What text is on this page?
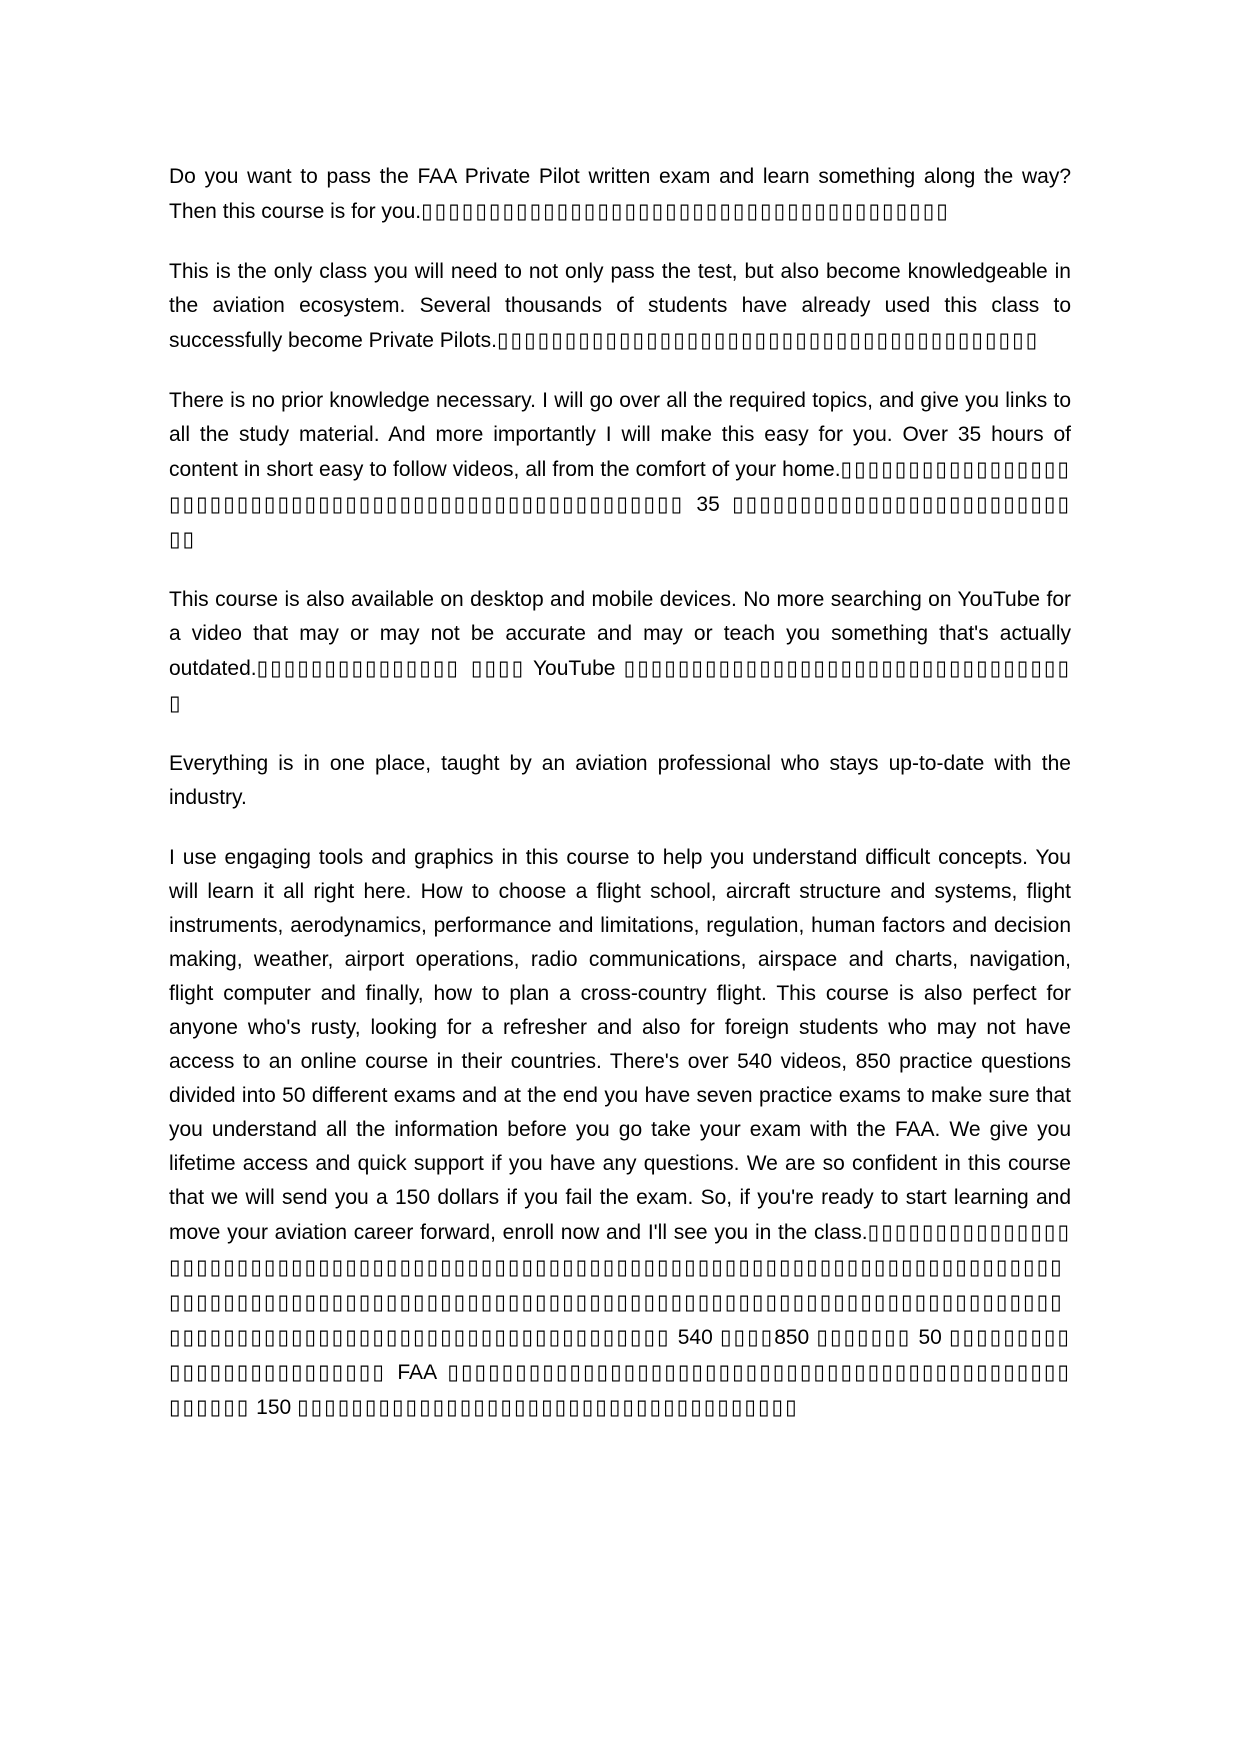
Do you want to pass the FAA Private Pilot written exam and learn something along the way? Then this course is for you.▯▯▯▯▯▯▯▯▯▯▯▯▯▯▯▯▯▯▯▯▯▯▯▯▯▯▯▯▯▯▯▯▯▯▯▯▯▯▯

This is the only class you will need to not only pass the test, but also become knowledgeable in the aviation ecosystem. Several thousands of students have already used this class to successfully become Private Pilots.▯▯▯▯▯▯▯▯▯▯▯▯▯▯▯▯▯▯▯▯▯▯▯▯▯▯▯▯▯▯▯▯▯▯▯▯▯▯▯▯

There is no prior knowledge necessary. I will go over all the required topics, and give you links to all the study material. And more importantly I will make this easy for you. Over 35 hours of content in short easy to follow videos, all from the comfort of your home.▯▯▯▯▯▯▯▯▯▯▯▯▯▯▯▯▯▯▯▯▯▯▯▯▯▯▯▯▯▯▯▯▯▯▯▯▯▯▯▯▯▯▯▯▯▯▯▯▯▯▯▯▯▯▯ 35 ▯▯▯▯▯▯▯▯▯▯▯▯▯▯▯▯▯▯▯▯▯▯▯▯▯▯▯

This course is also available on desktop and mobile devices. No more searching on YouTube for a video that may or may not be accurate and may or teach you something that's actually outdated.▯▯▯▯▯▯▯▯▯▯▯▯▯▯▯ ▯▯▯▯ YouTube ▯▯▯▯▯▯▯▯▯▯▯▯▯▯▯▯▯▯▯▯▯▯▯▯▯▯▯▯▯▯▯▯▯▯

Everything is in one place, taught by an aviation professional who stays up-to-date with the industry.

I use engaging tools and graphics in this course to help you understand difficult concepts. You will learn it all right here. How to choose a flight school, aircraft structure and systems, flight instruments, aerodynamics, performance and limitations, regulation, human factors and decision making, weather, airport operations, radio communications, airspace and charts, navigation, flight computer and finally, how to plan a cross-country flight. This course is also perfect for anyone who's rusty, looking for a refresher and also for foreign students who may not have access to an online course in their countries. There's over 540 videos, 850 practice questions divided into 50 different exams and at the end you have seven practice exams to make sure that you understand all the information before you go take your exam with the FAA. We give you lifetime access and quick support if you have any questions. We are so confident in this course that we will send you a 150 dollars if you fail the exam. So, if you're ready to start learning and move your aviation career forward, enroll now and I'll see you in the class.▯▯▯▯▯▯▯▯▯▯▯▯▯▯▯▯▯▯▯▯▯▯▯▯▯▯▯▯▯▯▯▯▯▯▯▯▯▯▯▯▯▯▯▯▯▯▯▯▯▯▯▯▯▯▯▯▯▯▯▯▯▯▯▯▯▯▯▯▯▯▯▯▯▯▯▯▯▯▯▯▯▯▯▯▯▯▯▯▯▯▯▯▯▯▯▯▯▯▯▯▯▯▯▯▯▯▯▯▯▯▯▯▯▯▯▯▯▯▯▯▯▯▯▯▯▯▯▯▯▯▯▯▯▯▯▯▯▯▯▯▯▯▯▯▯▯▯▯▯▯▯▯▯▯▯▯▯▯▯▯▯▯▯▯▯▯▯▯▯▯▯▯▯▯▯▯▯▯▯▯▯▯▯▯ 540 ▯▯▯▯850 ▯▯▯▯▯▯▯ 50 ▯▯▯▯▯▯▯▯▯▯▯▯▯▯▯▯▯▯▯▯▯▯▯▯▯ FAA ▯▯▯▯▯▯▯▯▯▯▯▯▯▯▯▯▯▯▯▯▯▯▯▯▯▯▯▯▯▯▯▯▯▯▯▯▯▯▯▯▯▯▯▯▯▯▯▯▯▯▯▯ 150 ▯▯▯▯▯▯▯▯▯▯▯▯▯▯▯▯▯▯▯▯▯▯▯▯▯▯▯▯▯▯▯▯▯▯▯▯▯
